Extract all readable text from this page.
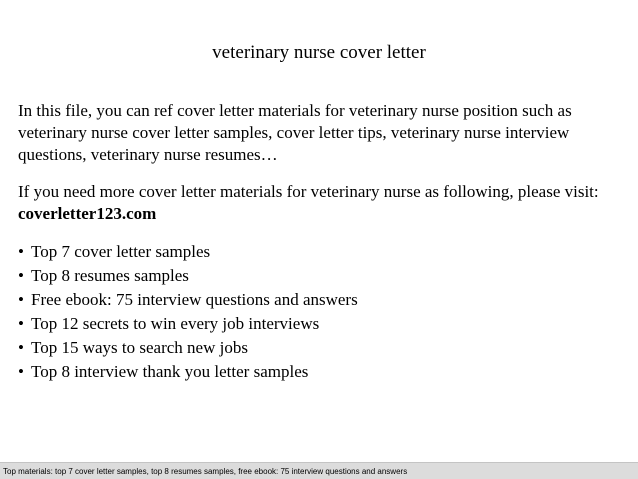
veterinary nurse cover letter

In this file, you can ref cover letter materials for veterinary nurse position such as veterinary nurse cover letter samples, cover letter tips, veterinary nurse interview questions, veterinary nurse resumes…

If you need more cover letter materials for veterinary nurse as following, please visit: coverletter123.com

• Top 7 cover letter samples
• Top 8 resumes samples
• Free ebook: 75 interview questions and answers
• Top 12 secrets to win every job interviews
• Top 15 ways to search new jobs
• Top 8 interview thank you letter samples
Top materials: top 7 cover letter samples, top 8 resumes samples, free ebook: 75 interview questions and answers
